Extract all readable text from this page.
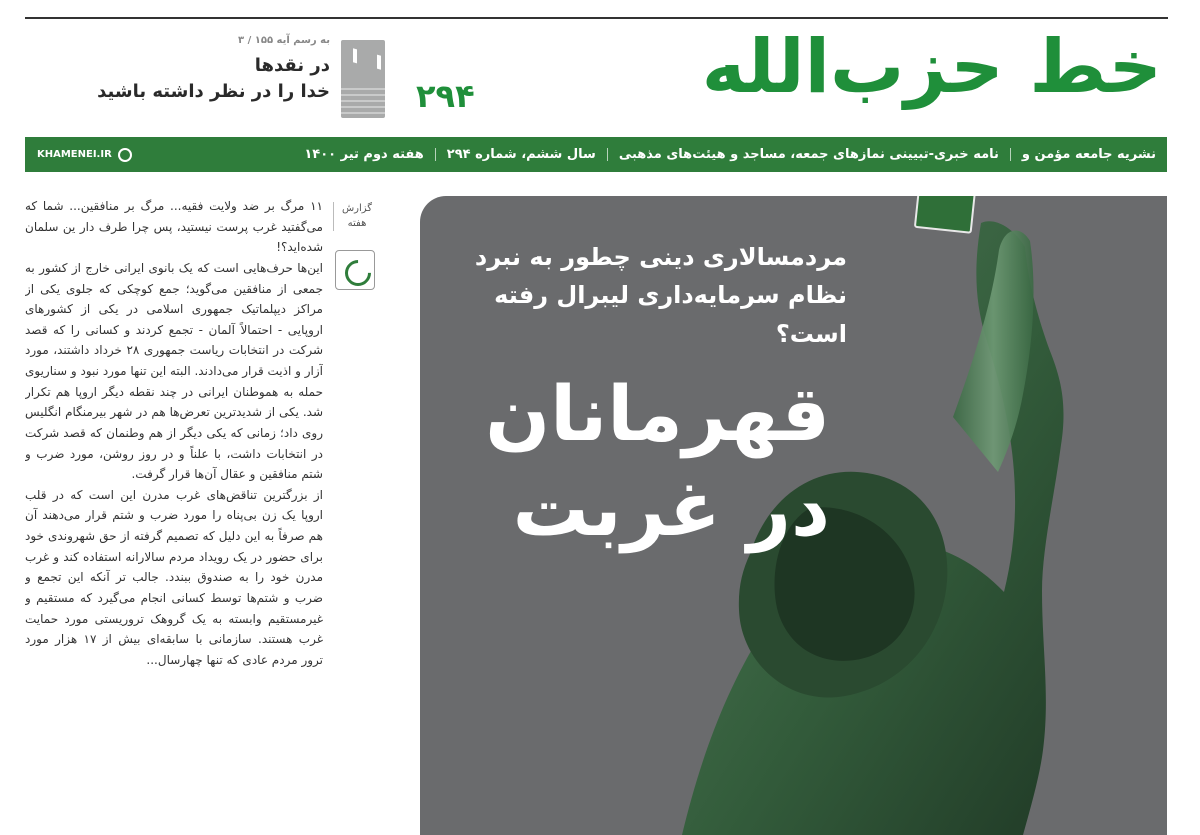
خط حزب‌الله
۲۹۴
به رسم آیه ۱۵۵ / ۳
در نقدها
خدا را در نظر داشته باشید
نشریه جامعه مؤمن و
نامه خبری-تبیینی نمازهای جمعه، مساجد و هیئت‌های مذهبی
سال ششم، شماره ۲۹۴
هفته دوم تیر ۱۴۰۰
KHAMENEI.IR
گزارش
هفته

۱۱ مرگ بر ضد ولایت فقیه... مرگ بر منافقین... شما که می‌گفتید غرب پرست نیستید، پس چرا طرف دار ین سلمان شده‌اید؟!

این‌ها حرف‌هایی است که یک بانوی ایرانی خارج از کشور به جمعی از منافقین می‌گوید؛ جمع کوچکی که جلوی یکی از مراکز دیپلماتیک جمهوری اسلامی در یکی از کشورهای اروپایی - احتمالاً آلمان - تجمع کردند و کسانی را که قصد شرکت در انتخابات ریاست جمهوری ۲۸ خرداد داشتند، مورد آزار و اذیت قرار می‌دادند. البته این تنها مورد نبود و سناریوی حمله به هموطنان ایرانی در چند نقطه دیگر اروپا هم تکرار شد. یکی از شدیدترین تعرض‌ها هم در شهر بیرمنگام انگلیس روی داد؛ زمانی که یکی دیگر از هم وطنمان که قصد شرکت در انتخابات داشت، با علناً و در روز روشن، مورد ضرب و شتم منافقین و عقال آن‌ها قرار گرفت.

از بزرگترین تناقض‌های غرب مدرن این است که در قلب اروپا یک زن بی‌پناه را مورد ضرب و شتم قرار می‌دهند آن هم صرفاً به این دلیل که تصمیم گرفته از حق شهروندی خود برای حضور در یک رویداد مردم سالارانه استفاده کند و غرب مدرن خود را به صندوق ببندد. جالب تر آنکه این تجمع و ضرب و شتم‌ها توسط کسانی انجام می‌گیرد که مستقیم و غیرمستقیم وابسته به یک گروهک تروریستی مورد حمایت غرب هستند. سازمانی با سابقه‌ای بیش از ۱۷ هزار مورد ترور مردم عادی که تنها چهارسال...

مردمسالاری دینی چطور به نبرد
نظام سرمایه‌داری لیبرال رفته است؟
قهرمانان
در غربت
